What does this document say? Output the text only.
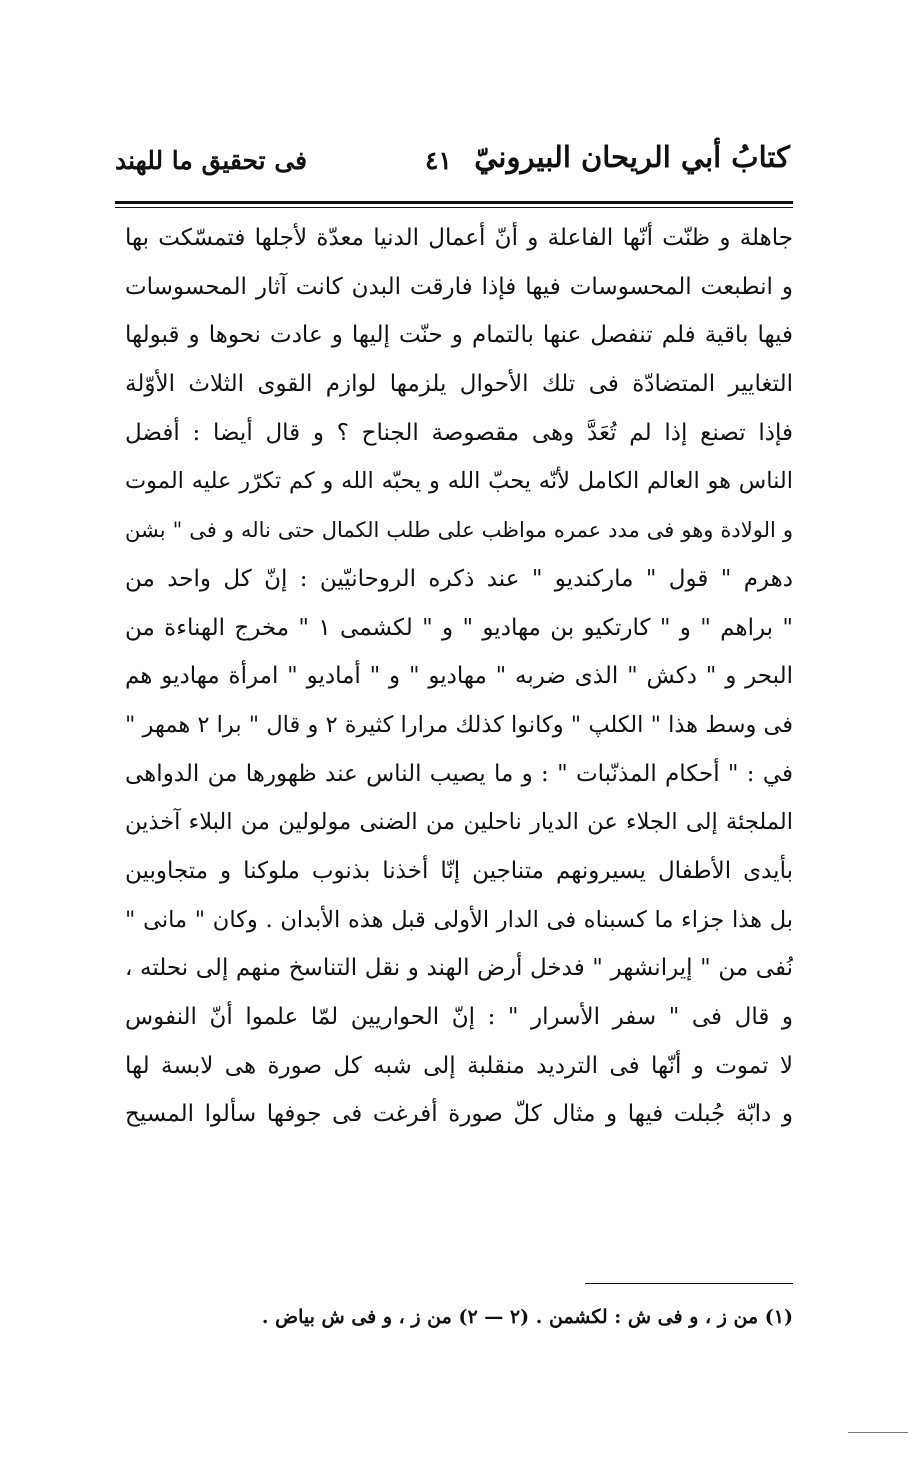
كتابُ أبي الريحان البيرونيّ
٤١
فى تحقيق ما للهند
جاهلة و ظنّت أنّها الفاعلة و أنّ أعمال الدنيا معدّة لأجلها فتمسّكت بها
و انطبعت المحسوسات فيها فإذا فارقت البدن كانت آثار المحسوسات
فيها باقية فلم تنفصل عنها بالتمام و حنّت إليها و عادت نحوها و قبولها
التغايير المتضادّة فى تلك الأحوال يلزمها لوازم القوى الثلاث الأوّلة
فإذا تصنع إذا لم تُعَدَّ وهى مقصوصة الجناح ؟ و قال أيضا : أفضل
الناس هو العالم الكامل لأنّه يحبّ الله و يحبّه الله و كم تكرّر عليه الموت
و الولادة وهو فى مدد عمره مواظب على طلب الكمال حتى ناله و فى " بشن
دهرم " قول " ماركنديو " عند ذكره الروحانيّين : إنّ كل واحد من
" براهم " و " كارتكيو بن مهاديو " و " لكشمى ١ " مخرج الهناءة من
البحر و " دكش " الذى ضربه " مهاديو " و " أماديو " امرأة مهاديو هم
فى وسط هذا " الكلپ " وكانوا كذلك مرارا كثيرة ٢ و قال " برا ٢ همهر "
في : " أحكام المذنّبات " : و ما يصيب الناس عند ظهورها من الدواهى
الملجئة إلى الجلاء عن الديار ناحلين من الضنى مولولين من البلاء آخذين
بأيدى الأطفال يسيرونهم متناجين إنّا أخذنا بذنوب ملوكنا و متجاوبين
بل هذا جزاء ما كسبناه فى الدار الأولى قبل هذه الأبدان . وكان " مانى "
نُفى من " إيرانشهر " فدخل أرض الهند و نقل التناسخ منهم إلى نحلته ،
و قال فى " سفر الأسرار " : إنّ الحواريين لمّا علموا أنّ النفوس
لا تموت و أنّها فى الترديد منقلبة إلى شبه كل صورة هى لابسة لها
و دابّة جُبلت فيها و مثال كلّ صورة أفرغت فى جوفها سألوا المسيح
(١) من ز ، و فى ش : لكشمن . (٢ — ٢) من ز ، و فى ش بياض .
